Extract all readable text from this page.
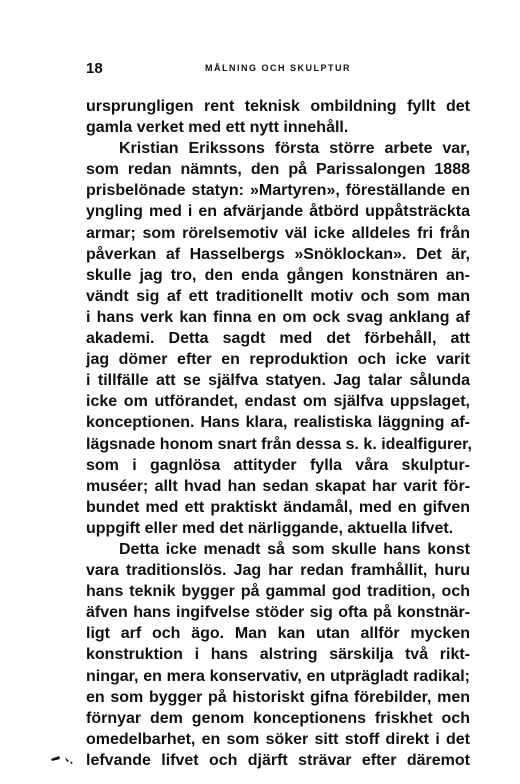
18	MÅLNING OCH SKULPTUR
ursprungligen rent teknisk ombildning fyllt det
gamla verket med ett nytt innehåll.
Kristian Erikssons första större arbete var,
som redan nämnts, den på Parissalongen 1888
prisbelönade statyn: »Martyren», föreställande en
yngling med i en afvärjande åtbörd uppåtsträckta
armar; som rörelsemotiv väl icke alldeles fri från
påverkan af Hasselbergs »Snöklockan». Det är,
skulle jag tro, den enda gången konstnären an-
vändt sig af ett traditionellt motiv och som man
i hans verk kan finna en om ock svag anklang af
akademi. Detta sagdt med det förbehåll, att
jag dömer efter en reproduktion och icke varit
i tillfälle att se själfva statyen. Jag talar sålunda
icke om utförandet, endast om själfva uppslaget,
konceptionen. Hans klara, realistiska läggning af-
lägsnade honom snart från dessa s. k. idealfigurer,
som i gagnlösa attityder fylla våra skulptur-
muséer; allt hvad han sedan skapat har varit för-
bundet med ett praktiskt ändamål, med en gifven
uppgift eller med det närliggande, aktuella lifvet.
Detta icke menadt så som skulle hans konst
vara traditionslös. Jag har redan framhållit, huru
hans teknik bygger på gammal god tradition, och
äfven hans ingifvelse stöder sig ofta på konstnär-
ligt arf och ägo. Man kan utan allför mycken
konstruktion i hans alstring särskilja två rikt-
ningar, en mera konservativ, en utprägladt radikal;
en som bygger på historiskt gifna förebilder, men
förnyar dem genom konceptionens friskhet och
omedelbarhet, en som söker sitt stoff direkt i det
lefvande lifvet och djärft strävar efter däremot
